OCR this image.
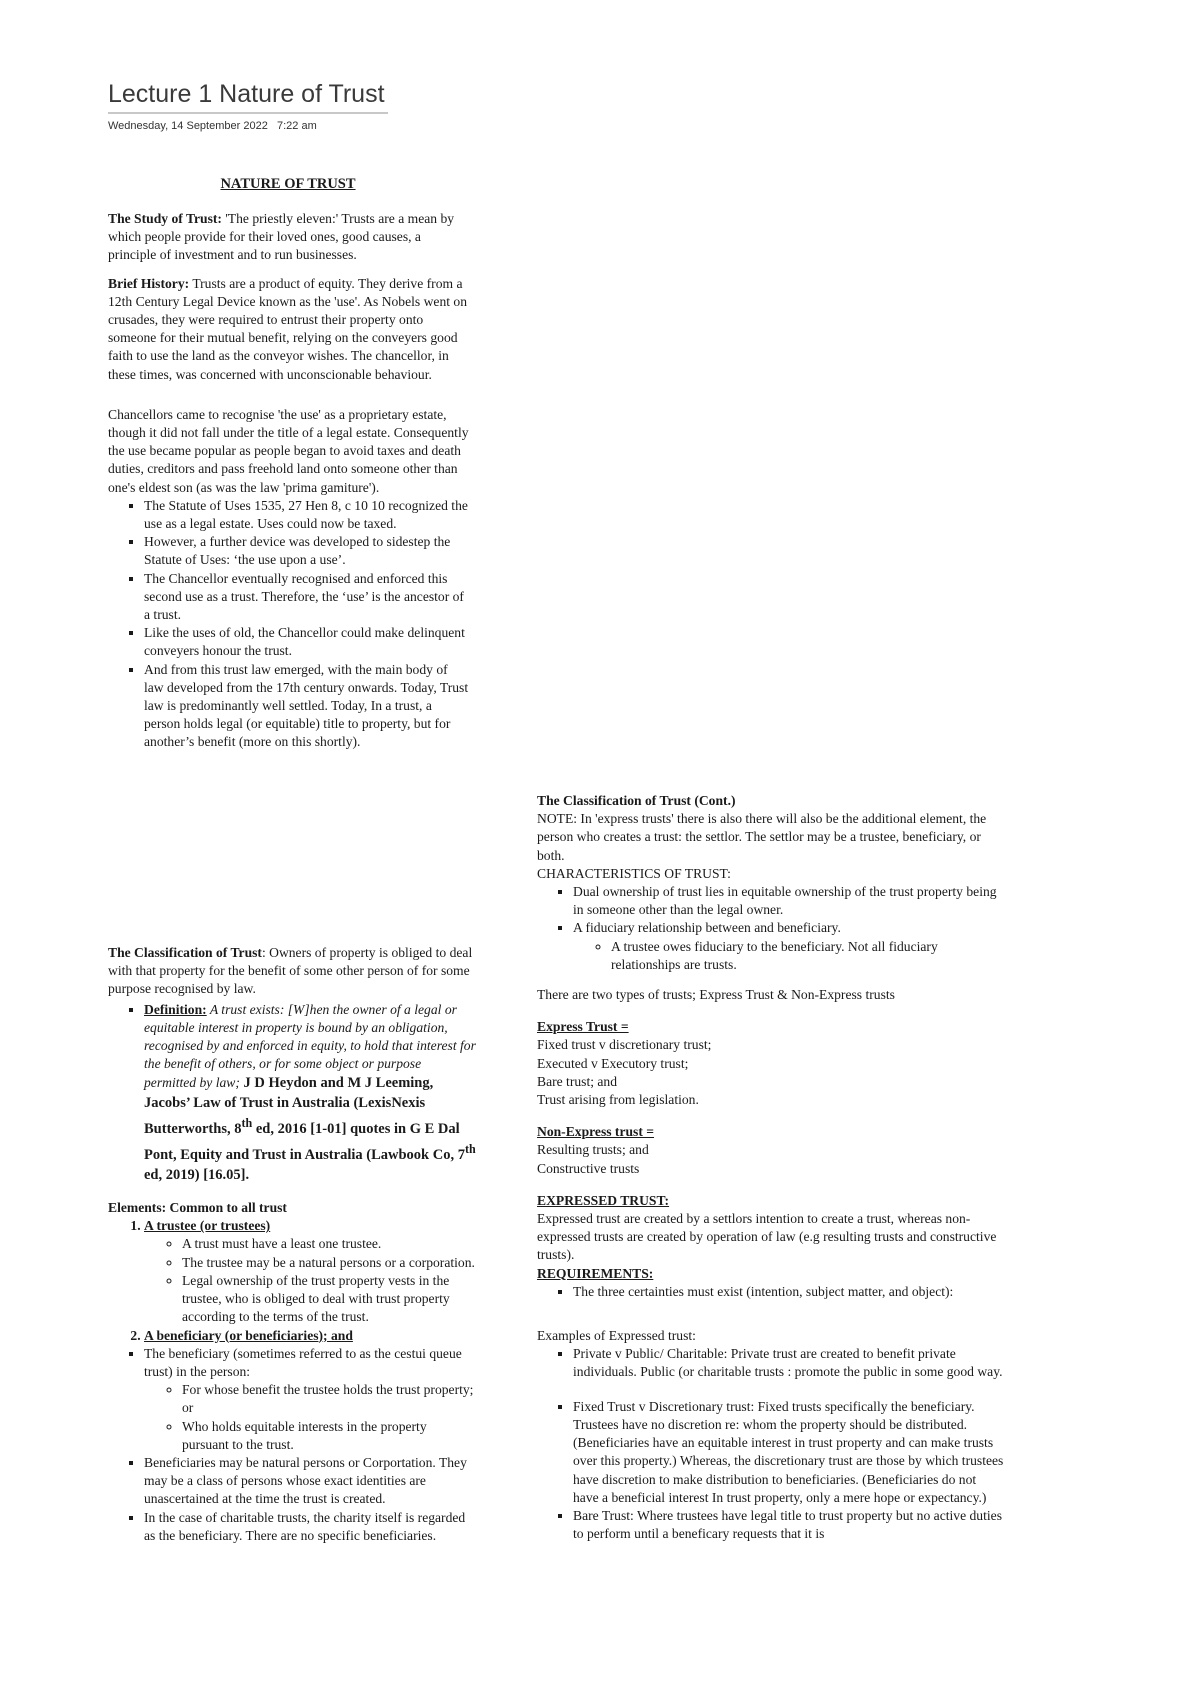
Lecture 1 Nature of Trust
Wednesday, 14 September 2022 7:22 am
NATURE OF TRUST

The Study of Trust: 'The priestly eleven:' Trusts are a mean by which people provide for their loved ones, good causes, a principle of investment and to run businesses.

Brief History: Trusts are a product of equity. They derive from a 12th Century Legal Device known as the 'use'. As Nobels went on crusades, they were required to entrust their property onto someone for their mutual benefit, relying on the conveyers good faith to use the land as the conveyor wishes. The chancellor, in these times, was concerned with unconscionable behaviour.

Chancellors came to recognise 'the use' as a proprietary estate, though it did not fall under the title of a legal estate. Consequently the use became popular as people began to avoid taxes and death duties, creditors and pass freehold land onto someone other than one's eldest son (as was the law 'prima gamiture').

▪ The Statute of Uses 1535, 27 Hen 8, c 10 10 recognized the use as a legal estate. Uses could now be taxed.
▪ However, a further device was developed to sidestep the Statute of Uses: ‘the use upon a use’.
▪ The Chancellor eventually recognised and enforced this second use as a trust. Therefore, the ‘use’ is the ancestor of a trust.
▪ Like the uses of old, the Chancellor could make delinquent conveyers honour the trust.
▪ And from this trust law emerged, with the main body of law developed from the 17th century onwards. Today, Trust law is predominantly well settled. Today, In a trust, a person holds legal (or equitable) title to property, but for another’s benefit (more on this shortly).

The Classification of Trust: Owners of property is obliged to deal with that property for the benefit of some other person of for some purpose recognised by law.

▪ Definition: A trust exists: [W]hen the owner of a legal or equitable interest in property is bound by an obligation, recognised by and enforced in equity, to hold that interest for the benefit of others, or for some object or purpose permitted by law; J D Heydon and M J Leeming, Jacobs’ Law of Trust in Australia (LexisNexis Butterworths, 8th ed, 2016 [1-01] quotes in G E Dal Pont, Equity and Trust in Australia (Lawbook Co, 7th ed, 2019) [16.05].

Elements: Common to all trust

1. A trustee (or trustees)
◦ A trust must have a least one trustee.
◦ The trustee may be a natural persons or a corporation.
◦ Legal ownership of the trust property vests in the trustee, who is obliged to deal with trust property according to the terms of the trust.
2. A beneficiary (or beneficiaries); and
▪ The beneficiary (sometimes referred to as the cestui queue trust) in the person:
◦ For whose benefit the trustee holds the trust property; or
◦ Who holds equitable interests in the property pursuant to the trust.
▪ Beneficiaries may be natural persons or Corportation. They may be a class of persons whose exact identities are unascertained at the time the trust is created.
▪ In the case of charitable trusts, the charity itself is regarded as the beneficiary. There are no specific beneficiaries.

The Classification of Trust (Cont.)

NOTE: In 'express trusts' there is also there will also be the additional element, the person who creates a trust: the settlor. The settlor may be a trustee, beneficiary, or both.

CHARACTERISTICS OF TRUST:

▪ Dual ownership of trust lies in equitable ownership of the trust property being in someone other than the legal owner.
▪ A fiduciary relationship between and beneficiary.
◦ A trustee owes fiduciary to the beneficiary. Not all fiduciary relationships are trusts.

There are two types of trusts; Express Trust & Non-Express trusts

Express Trust =

Fixed trust v discretionary trust;
Executed v Executory trust;
Bare trust; and
Trust arising from legislation.

Non-Express trust =

Resulting trusts; and
Constructive trusts

EXPRESSED TRUST:

Expressed trust are created by a settlors intention to create a trust, whereas non-expressed trusts are created by operation of law (e.g resulting trusts and constructive trusts).

REQUIREMENTS:

▪ The three certainties must exist (intention, subject matter, and object):

Examples of Expressed trust:

▪ Private v Public/ Charitable: Private trust are created to benefit private individuals. Public (or charitable trusts : promote the public in some good way.
▪ Fixed Trust v Discretionary trust: Fixed trusts specifically the beneficiary. Trustees have no discretion re: whom the property should be distributed. (Beneficiaries have an equitable interest in trust property and can make trusts over this property.) Whereas, the discretionary trust are those by which trustees have discretion to make distribution to beneficiaries. (Beneficiaries do not have a beneficial interest In trust property, only a mere hope or expectancy.)
▪ Bare Trust: Where trustees have legal title to trust property but no active duties to perform until a beneficary requests that it is
